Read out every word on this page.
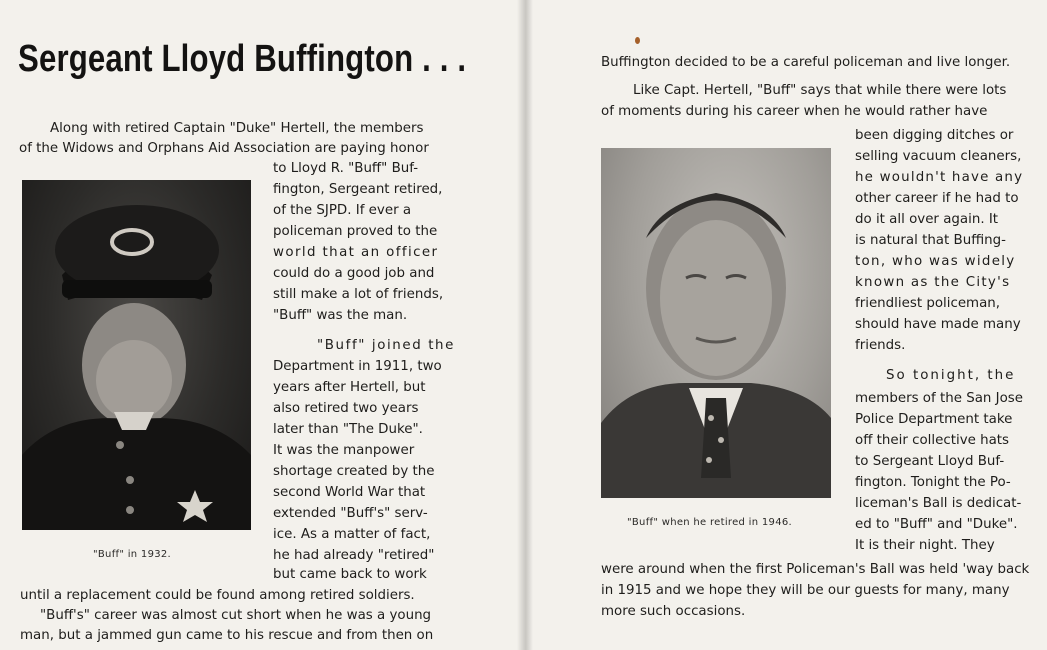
Sergeant Lloyd Buffington . . .

Along with retired Captain "Duke" Hertell, the members

of the Widows and Orphans Aid Association are paying honor

"Buff" in 1932.

to Lloyd R. "Buff" Buf-

fington, Sergeant retired,

of the SJPD. If ever a

policeman proved to the

world that an officer

could do a good job and

still make a lot of friends,

"Buff" was the man.

"Buff" joined the

Department in 1911, two

years after Hertell, but

also retired two years

later than "The Duke".

It was the manpower

shortage created by the

second World War that

extended "Buff's" serv-

ice. As a matter of fact,

he had already "retired"

but came back to work

until a replacement could be found among retired soldiers.

"Buff's" career was almost cut short when he was a young

man, but a jammed gun came to his rescue and from then on

Buffington decided to be a careful policeman and live longer.

Like Capt. Hertell, "Buff" says that while there were lots

of moments during his career when he would rather have

"Buff" when he retired in 1946.

been digging ditches or

selling vacuum cleaners,

he wouldn't have any

other career if he had to

do it all over again. It

is natural that Buffing-

ton, who was widely

known as the City's

friendliest policeman,

should have made many

friends.

So tonight, the

members of the San Jose

Police Department take

off their collective hats

to Sergeant Lloyd Buf-

fington. Tonight the Po-

liceman's Ball is dedicat-

ed to "Buff" and "Duke".

It is their night. They

were around when the first Policeman's Ball was held 'way back

in 1915 and we hope they will be our guests for many, many

more such occasions.
